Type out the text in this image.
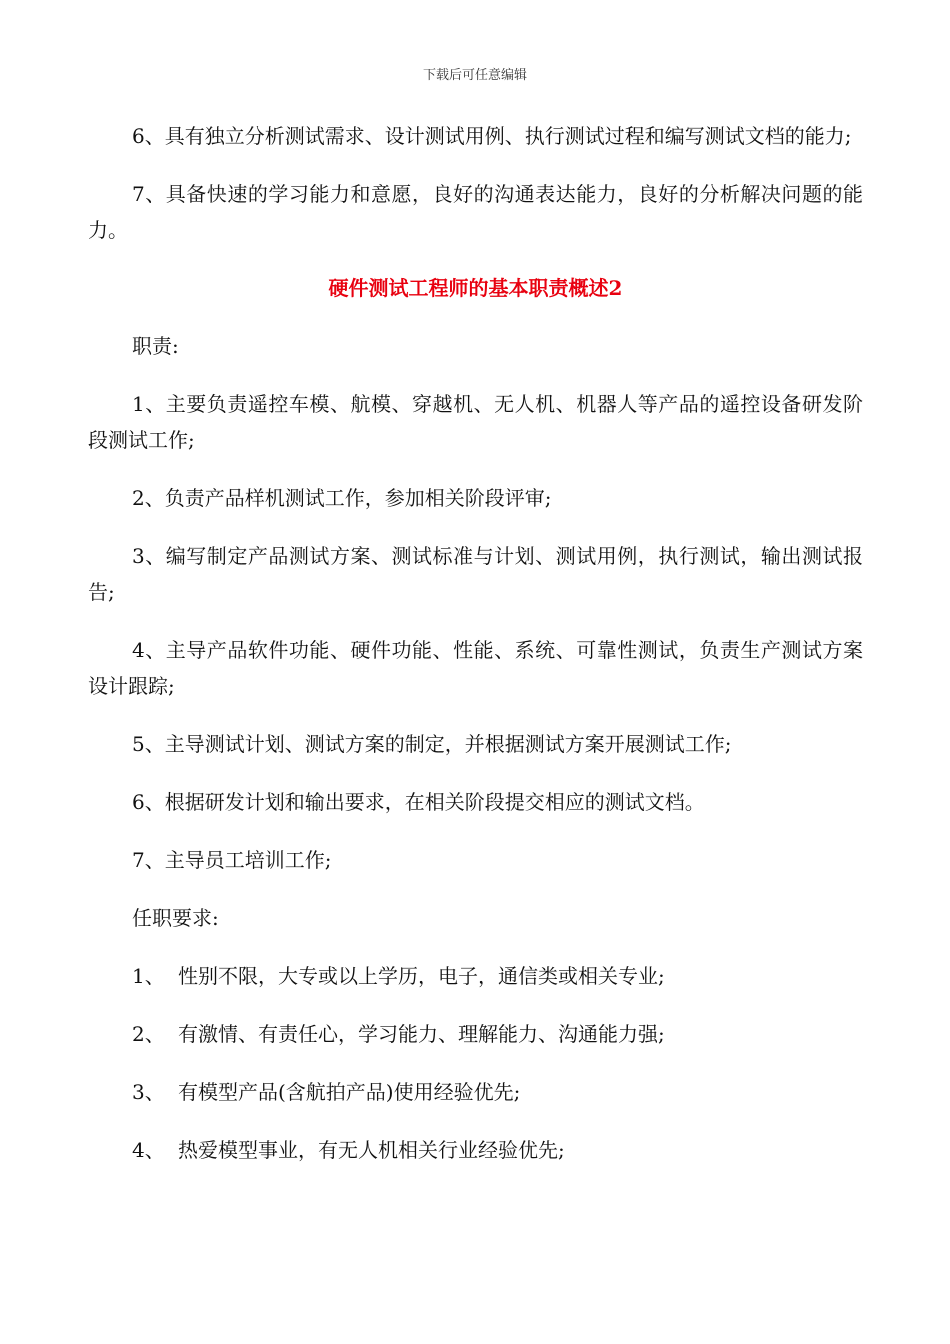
下载后可任意编辑

6、具有独立分析测试需求、设计测试用例、执行测试过程和编写测试文档的能力;

7、具备快速的学习能力和意愿，良好的沟通表达能力，良好的分析解决问题的能力。

硬件测试工程师的基本职责概述2

职责:

1、主要负责遥控车模、航模、穿越机、无人机、机器人等产品的遥控设备研发阶段测试工作;

2、负责产品样机测试工作，参加相关阶段评审;

3、编写制定产品测试方案、测试标准与计划、测试用例，执行测试，输出测试报告;

4、主导产品软件功能、硬件功能、性能、系统、可靠性测试，负责生产测试方案设计跟踪;

5、主导测试计划、测试方案的制定，并根据测试方案开展测试工作;

6、根据研发计划和输出要求，在相关阶段提交相应的测试文档。

7、主导员工培训工作;

任职要求:

1、 性别不限，大专或以上学历，电子，通信类或相关专业;
2、 有激情、有责任心，学习能力、理解能力、沟通能力强;
3、 有模型产品(含航拍产品)使用经验优先;
4、 热爱模型事业，有无人机相关行业经验优先;
